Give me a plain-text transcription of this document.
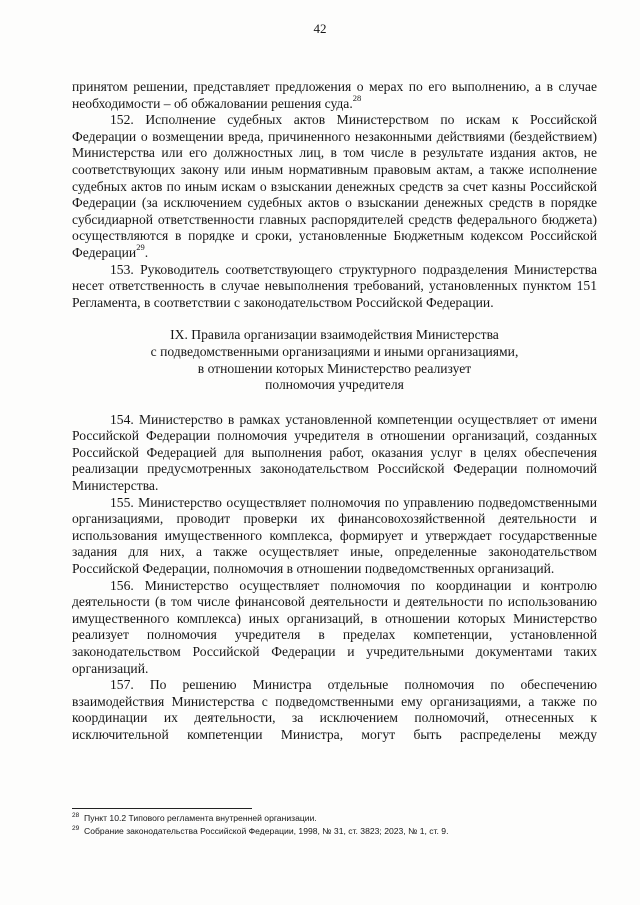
42

принятом решении, представляет предложения о мерах по его выполнению, а в случае необходимости – об обжаловании решения суда.$^{28}$

152. Исполнение судебных актов Министерством по искам к Российской Федерации о возмещении вреда, причиненного незаконными действиями (бездействием) Министерства или его должностных лиц, в том числе в результате издания актов, не соответствующих закону или иным нормативным правовым актам, а также исполнение судебных актов по иным искам о взыскании денежных средств за счет казны Российской Федерации (за исключением судебных актов о взыскании денежных средств в порядке субсидиарной ответственности главных распорядителей средств федерального бюджета) осуществляются в порядке и сроки, установленные Бюджетным кодексом Российской Федерации$^{29}$.

153. Руководитель соответствующего структурного подразделения Министерства несет ответственность в случае невыполнения требований, установленных пунктом 151 Регламента, в соответствии с законодательством Российской Федерации.

IX. Правила организации взаимодействия Министерства
с подведомственными организациями и иными организациями,
в отношении которых Министерство реализует
полномочия учредителя

154. Министерство в рамках установленной компетенции осуществляет от имени Российской Федерации полномочия учредителя в отношении организаций, созданных Российской Федерацией для выполнения работ, оказания услуг в целях обеспечения реализации предусмотренных законодательством Российской Федерации полномочий Министерства.

155. Министерство осуществляет полномочия по управлению подведомственными организациями, проводит проверки их финансовохозяйственной деятельности и использования имущественного комплекса, формирует и утверждает государственные задания для них, а также осуществляет иные, определенные законодательством Российской Федерации, полномочия в отношении подведомственных организаций.

156. Министерство осуществляет полномочия по координации и контролю деятельности (в том числе финансовой деятельности и деятельности по использованию имущественного комплекса) иных организаций, в отношении которых Министерство реализует полномочия учредителя в пределах компетенции, установленной законодательством Российской Федерации и учредительными документами таких организаций.

157. По решению Министра отдельные полномочия по обеспечению взаимодействия Министерства с подведомственными ему организациями, а также по координации их деятельности, за исключением полномочий, отнесенных к исключительной компетенции Министра, могут быть распределены между

$^{28}$ Пункт 10.2 Типового регламента внутренней организации.
$^{29}$ Собрание законодательства Российской Федерации, 1998, № 31, ст. 3823; 2023, № 1, ст. 9.
